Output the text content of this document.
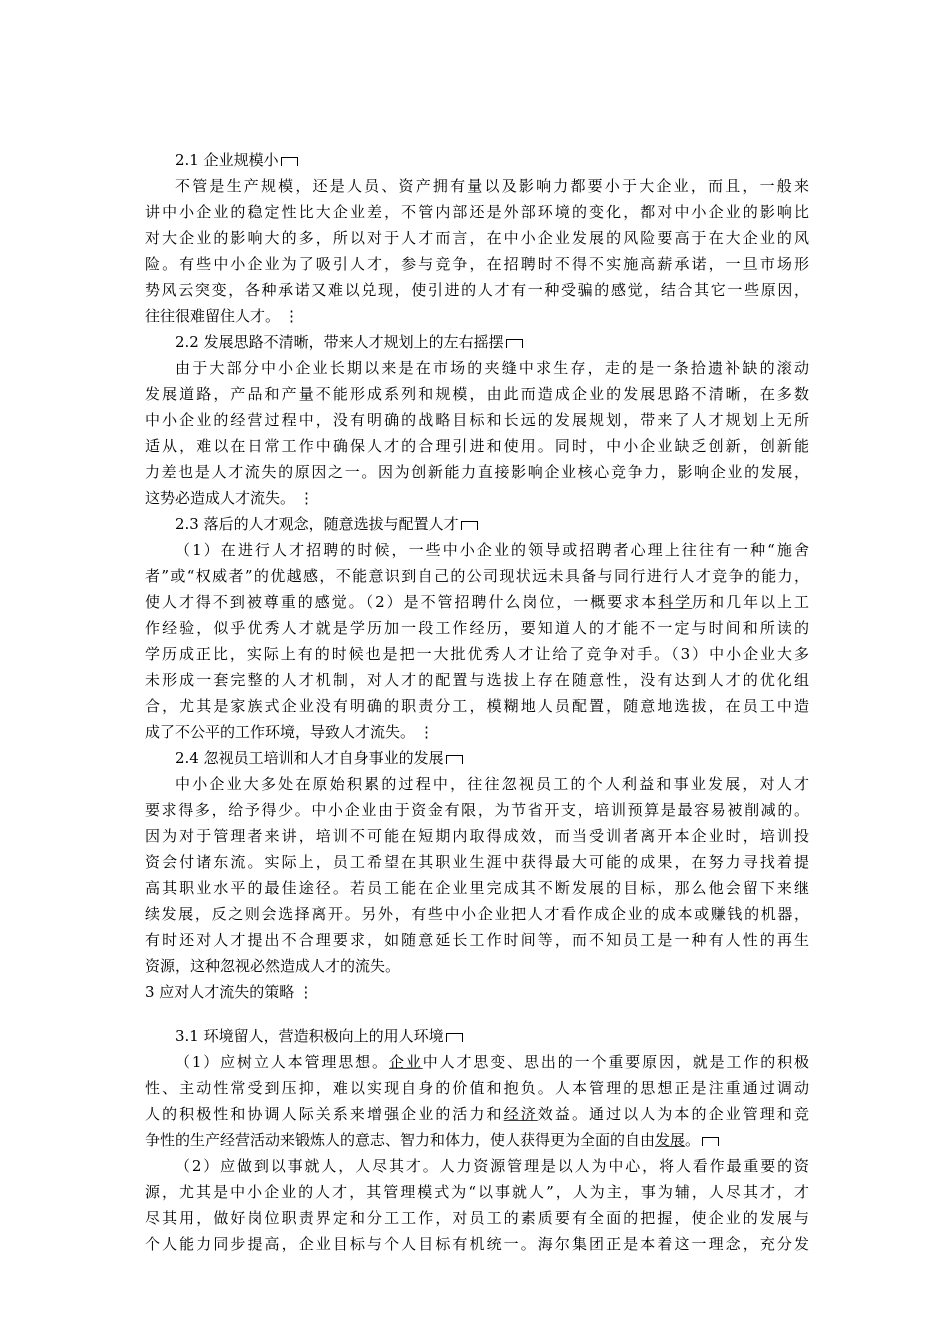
2.1 企业规模小
不管是生产规模，还是人员、资产拥有量以及影响力都要小于大企业，而且，一般来
讲中小企业的稳定性比大企业差，不管内部还是外部环境的变化，都对中小企业的影响比
对大企业的影响大的多，所以对于人才而言，在中小企业发展的风险要高于在大企业的风
险。有些中小企业为了吸引人才，参与竞争，在招聘时不得不实施高薪承诺，一旦市场形
势风云突变，各种承诺又难以兑现，使引进的人才有一种受骗的感觉，结合其它一些原因，
往往很难留住人才。 ⋮
2.2 发展思路不清晰，带来人才规划上的左右摇摆
由于大部分中小企业长期以来是在市场的夹缝中求生存，走的是一条拾遗补缺的滚动
发展道路，产品和产量不能形成系列和规模，由此而造成企业的发展思路不清晰，在多数
中小企业的经营过程中，没有明确的战略目标和长远的发展规划，带来了人才规划上无所
适从，难以在日常工作中确保人才的合理引进和使用。同时，中小企业缺乏创新，创新能
力差也是人才流失的原因之一。因为创新能力直接影响企业核心竞争力，影响企业的发展，
这势必造成人才流失。 ⋮
2.3 落后的人才观念，随意选拔与配置人才
（1）在进行人才招聘的时候，一些中小企业的领导或招聘者心理上往往有一种“施舍
者”或“权威者”的优越感，不能意识到自己的公司现状远未具备与同行进行人才竞争的能力，
使人才得不到被尊重的感觉。（2）是不管招聘什么岗位，一概要求本科学历和几年以上工
作经验，似乎优秀人才就是学历加一段工作经历，要知道人的才能不一定与时间和所读的
学历成正比，实际上有的时候也是把一大批优秀人才让给了竞争对手。（3）中小企业大多
未形成一套完整的人才机制，对人才的配置与选拔上存在随意性，没有达到人才的优化组
合，尤其是家族式企业没有明确的职责分工，模糊地人员配置，随意地选拔，在员工中造
成了不公平的工作环境，导致人才流失。 ⋮
2.4 忽视员工培训和人才自身事业的发展
中小企业大多处在原始积累的过程中，往往忽视员工的个人利益和事业发展，对人才
要求得多，给予得少。中小企业由于资金有限，为节省开支，培训预算是最容易被削减的。
因为对于管理者来讲，培训不可能在短期内取得成效，而当受训者离开本企业时，培训投
资会付诸东流。实际上，员工希望在其职业生涯中获得最大可能的成果，在努力寻找着提
高其职业水平的最佳途径。若员工能在企业里完成其不断发展的目标，那么他会留下来继
续发展，反之则会选择离开。另外，有些中小企业把人才看作成企业的成本或赚钱的机器，
有时还对人才提出不合理要求，如随意延长工作时间等，而不知员工是一种有人性的再生
资源，这种忽视必然造成人才的流失。
3 应对人才流失的策略 ⋮
3.1 环境留人，营造积极向上的用人环境
（1）应树立人本管理思想。企业中人才思变、思出的一个重要原因，就是工作的积极
性、主动性常受到压抑，难以实现自身的价值和抱负。人本管理的思想正是注重通过调动
人的积极性和协调人际关系来增强企业的活力和经济效益。通过以人为本的企业管理和竞
争性的生产经营活动来锻炼人的意志、智力和体力，使人获得更为全面的自由发展。
（2）应做到以事就人，人尽其才。人力资源管理是以人为中心，将人看作最重要的资
源，尤其是中小企业的人才，其管理模式为“以事就人”，人为主，事为辅，人尽其才，才
尽其用，做好岗位职责界定和分工工作，对员工的素质要有全面的把握，使企业的发展与
个人能力同步提高，企业目标与个人目标有机统一。海尔集团正是本着这一理念，充分发
